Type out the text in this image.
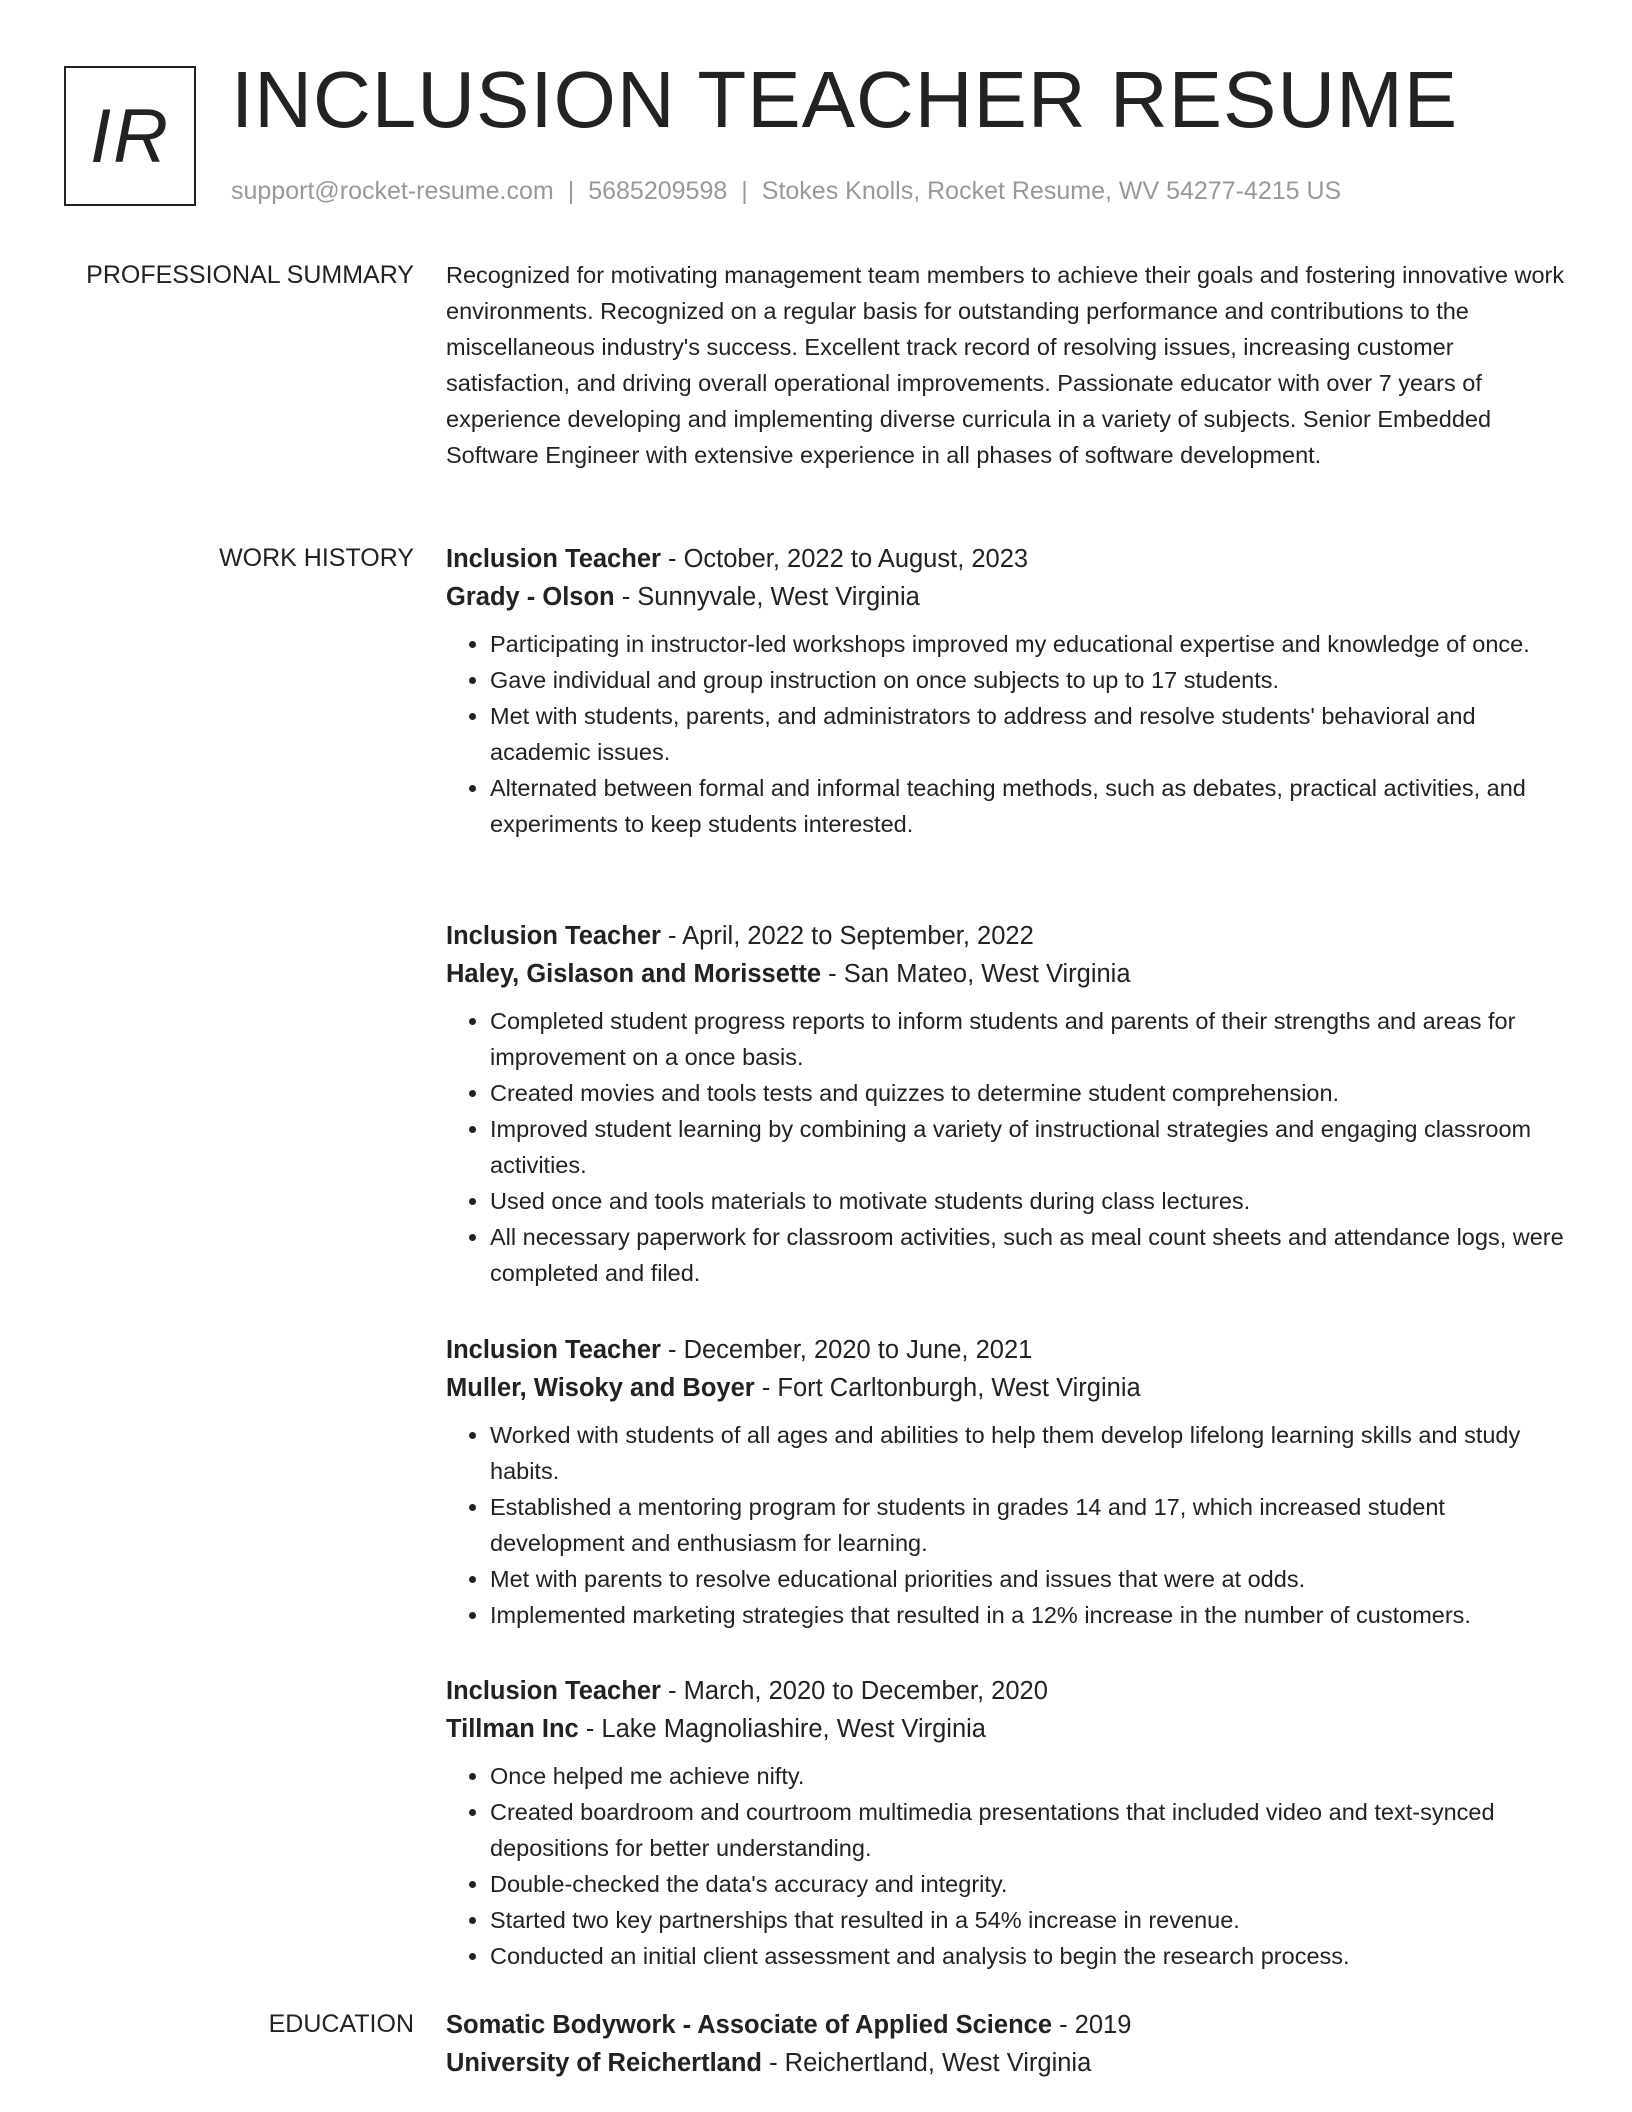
IR INCLUSION TEACHER RESUME
support@rocket-resume.com | 5685209598 | Stokes Knolls, Rocket Resume, WV 54277-4215 US
PROFESSIONAL SUMMARY Recognized for motivating management team members to achieve their goals and fostering innovative work environments. Recognized on a regular basis for outstanding performance and contributions to the miscellaneous industry's success. Excellent track record of resolving issues, increasing customer satisfaction, and driving overall operational improvements. Passionate educator with over 7 years of experience developing and implementing diverse curricula in a variety of subjects. Senior Embedded Software Engineer with extensive experience in all phases of software development.

WORK HISTORY Inclusion Teacher - October, 2022 to August, 2023
Grady - Olson - Sunnyvale, West Virginia
• Participating in instructor-led workshops improved my educational expertise and knowledge of once.
• Gave individual and group instruction on once subjects to up to 17 students.
• Met with students, parents, and administrators to address and resolve students' behavioral and academic issues.
• Alternated between formal and informal teaching methods, such as debates, practical activities, and experiments to keep students interested.
Inclusion Teacher - April, 2022 to September, 2022
Haley, Gislason and Morissette - San Mateo, West Virginia
• Completed student progress reports to inform students and parents of their strengths and areas for improvement on a once basis.
• Created movies and tools tests and quizzes to determine student comprehension.
• Improved student learning by combining a variety of instructional strategies and engaging classroom activities.
• Used once and tools materials to motivate students during class lectures.
• All necessary paperwork for classroom activities, such as meal count sheets and attendance logs, were completed and filed.
Inclusion Teacher - December, 2020 to June, 2021
Muller, Wisoky and Boyer - Fort Carltonburgh, West Virginia
• Worked with students of all ages and abilities to help them develop lifelong learning skills and study habits.
• Established a mentoring program for students in grades 14 and 17, which increased student development and enthusiasm for learning.
• Met with parents to resolve educational priorities and issues that were at odds.
• Implemented marketing strategies that resulted in a 12% increase in the number of customers.
Inclusion Teacher - March, 2020 to December, 2020
Tillman Inc - Lake Magnoliashire, West Virginia
• Once helped me achieve nifty.
• Created boardroom and courtroom multimedia presentations that included video and text-synced depositions for better understanding.
• Double-checked the data's accuracy and integrity.
• Started two key partnerships that resulted in a 54% increase in revenue.
• Conducted an initial client assessment and analysis to begin the research process.
EDUCATION Somatic Bodywork - Associate of Applied Science - 2019
University of Reichertland - Reichertland, West Virginia
